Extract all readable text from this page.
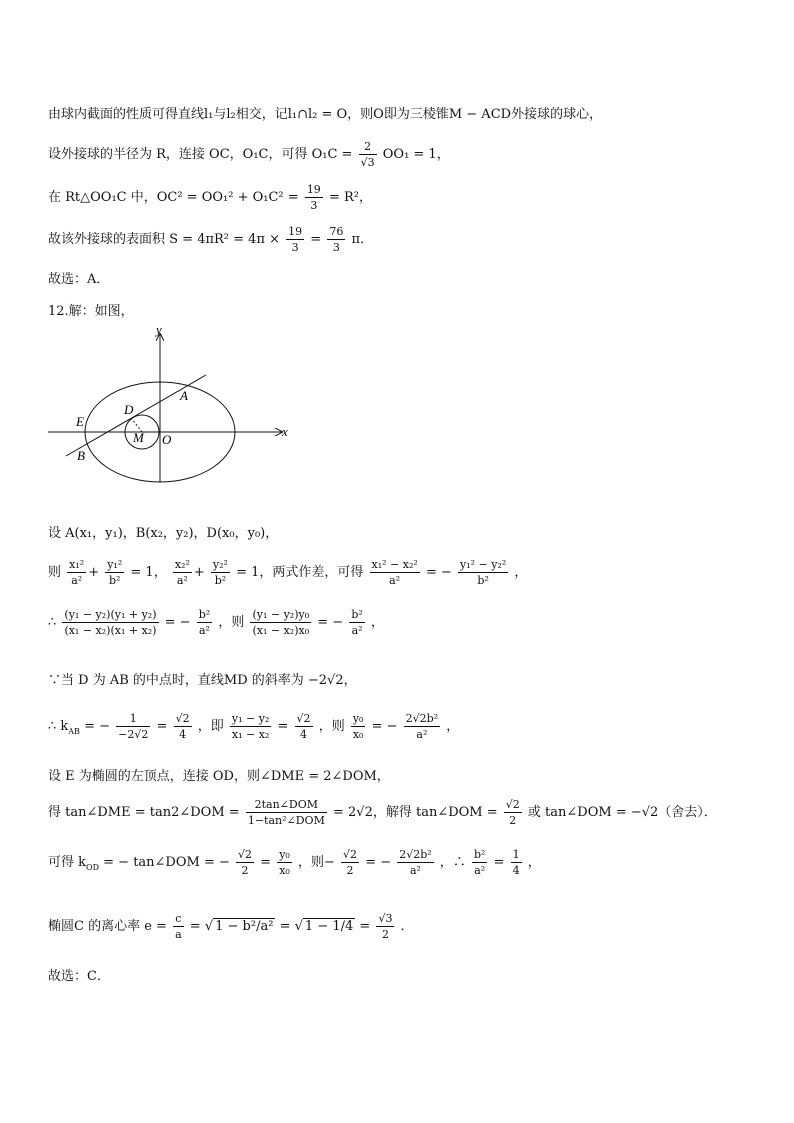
由球内截面的性质可得直线l₁与l₂相交，记l₁∩l₂ = O，则O即为三棱锥M − ACD外接球的球心，
设外接球的半径为 R，连接 OC，O₁C，可得 $O_1C = \frac{2}{√3} OO_1 = 1$，
在 Rt△OO₁C 中，$OC^2 = OO_1^2 + O_1C^2 = \frac{19}{3} = R^2$，
故该外接球的表面积 $S = 4\pi R^2 = 4\pi \times \frac{19}{3} = \frac{76}{3}$ π．
故选：A．
12.解：如图，
y
x
A
D
E
M O
B
设 A(x₁，y₁)，B(x₂，y₂)，D(x₀，y₀)，
则 $\frac{\text{x₁²}}{\text{a²}} + \frac{\text{y₁²}}{\text{b²}} = 1$， $\frac{\text{x₂²}}{\text{a²}} + \frac{\text{y₂²}}{\text{b²}} = 1$，两式作差，可得 $\frac{\text{x₁² − x₂²}}{\text{a²}}$ = − $\frac{\text{y₁² − y₂²}}{\text{b²}}$ ，
∴ $\frac{\text{(y₁ − y₂)(y₁ + y₂)}}{\text{(x₁ − x₂)(x₁ + x₂)}}$ = − $\frac{\text{b²}}{\text{a²}}$ ，则 $\frac{\text{(y₁ − y₂)y₀}}{\text{(x₁ − x₂)x₀}}$ = − $\frac{\text{b²}}{\text{a²}}$ ，
∵当 D 为 AB 的中点时，直线MD 的斜率为 −2√2，
∴ $k_{AB}$ = − $\frac{1}{-2√2} = \frac{√2}{4}$ ，即 $\frac{\text{y₁ − y₂}}{\text{x₁ − x₂}} = \frac{√2}{4}$ ，则 $\frac{\text{y₀}}{\text{x₀}}$ = − $\frac{\text{2√2b²}}{\text{a²}}$ ，
设 E 为椭圆的左顶点，连接 OD，则∠DME = 2∠DOM，
得 tan∠DME = tan2∠DOM =
2tan∠DOM
1−tan²∠DOM
= 2√2，解得 tan∠DOM = $\frac{√2}{2}$ 或 tan∠DOM = −√2（舍去）．
可得 $k_{OD}$ = − tan∠DOM = − $\frac{√2}{2} = \frac{\text{y₀}}{\text{x₀}}$ ，则− $\frac{√2}{2}$ = − $\frac{\text{2√2b²}}{\text{a²}}$ ，∴ $\frac{\text{b²}}{\text{a²}} = \frac{1}{4}$ ，
椭圆C 的离心率 $e = \frac{c}{a}$ = √ 1 − b²/a² = √ $1 - 1/4 = \frac{√3}{2}$ ．
故选：C．
